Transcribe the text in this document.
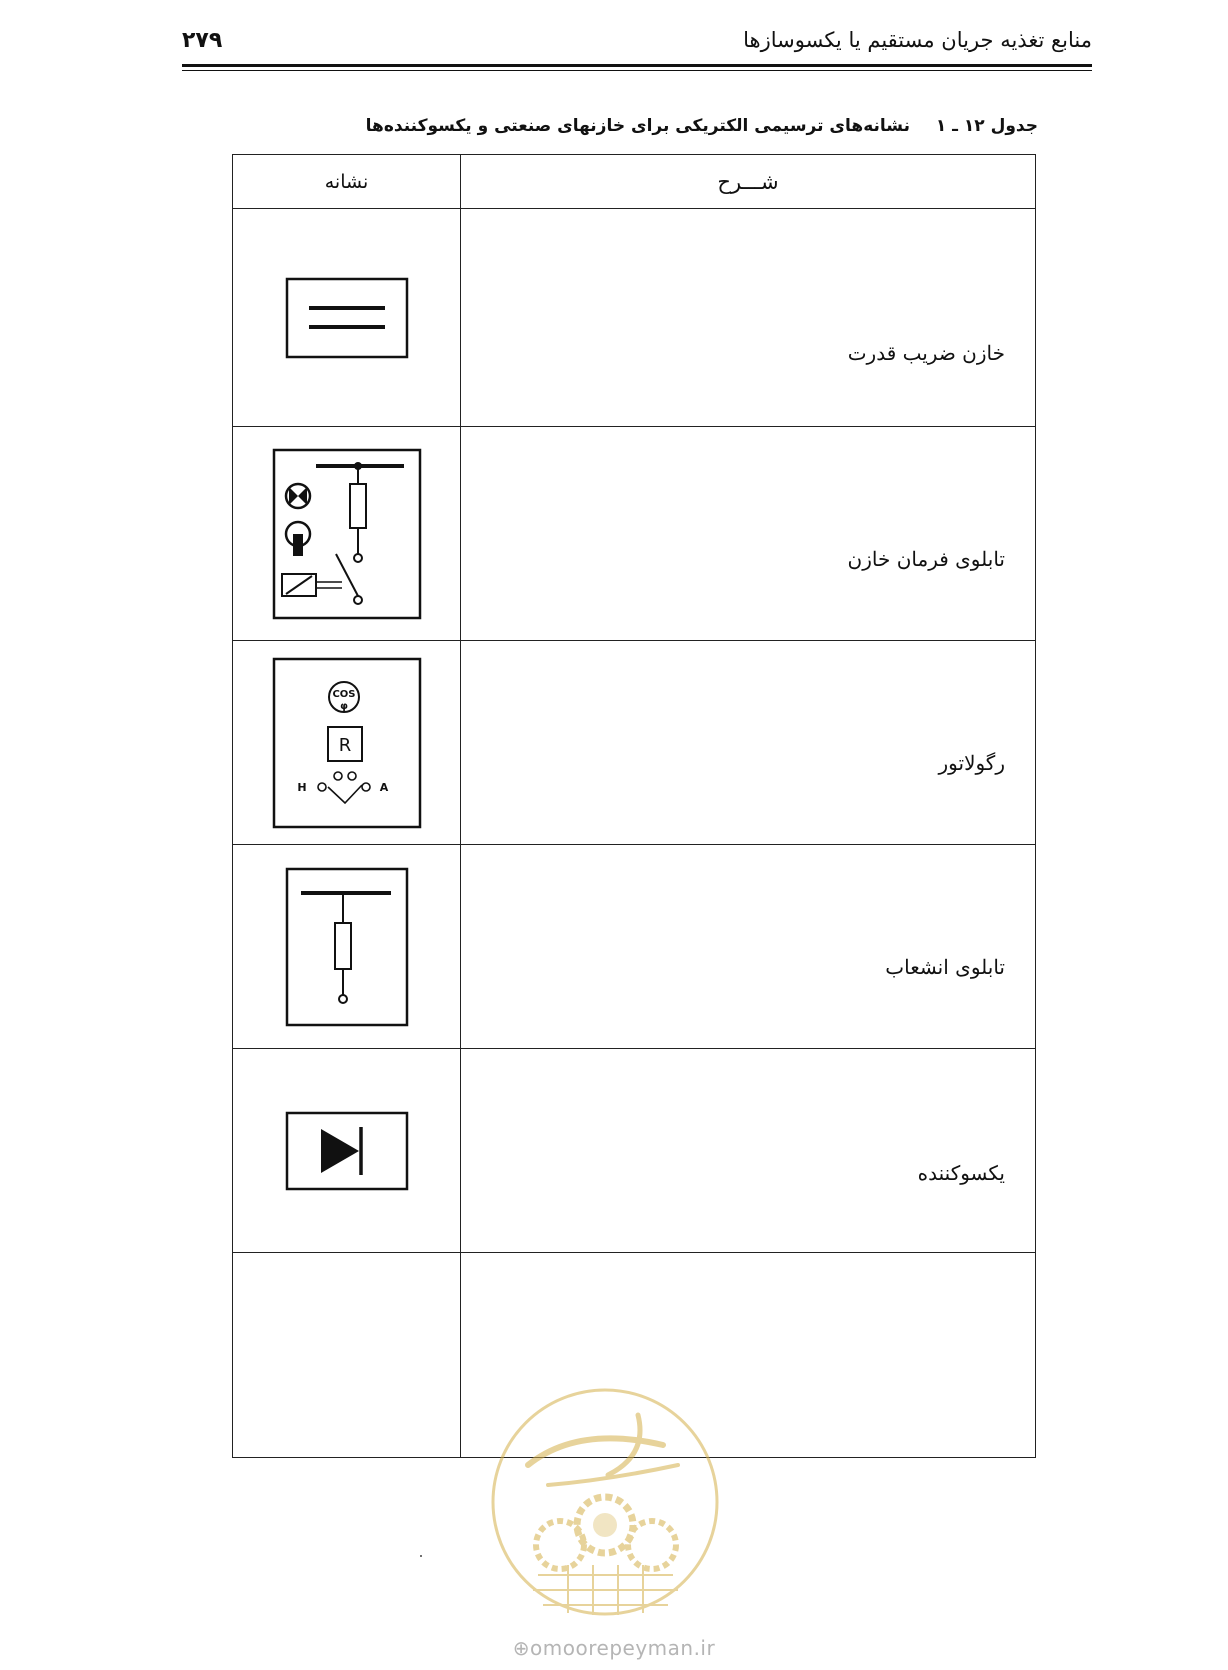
منابع تغذیه جریان مستقیم یا یکسوسازها
۲۷۹
جدول ۱۲ ـ ۱ نشانه‌های ترسیمی الکتریکی برای خازنهای صنعتی و یکسوکننده‌ها
نشانه	شـــرح
خازن ضریب قدرت
تابلوی فرمان خازن
COS
φ
R
H	A
رگولاتور
تابلوی انشعاب
یکسوکننده
⊕omoorepeyman.ir
